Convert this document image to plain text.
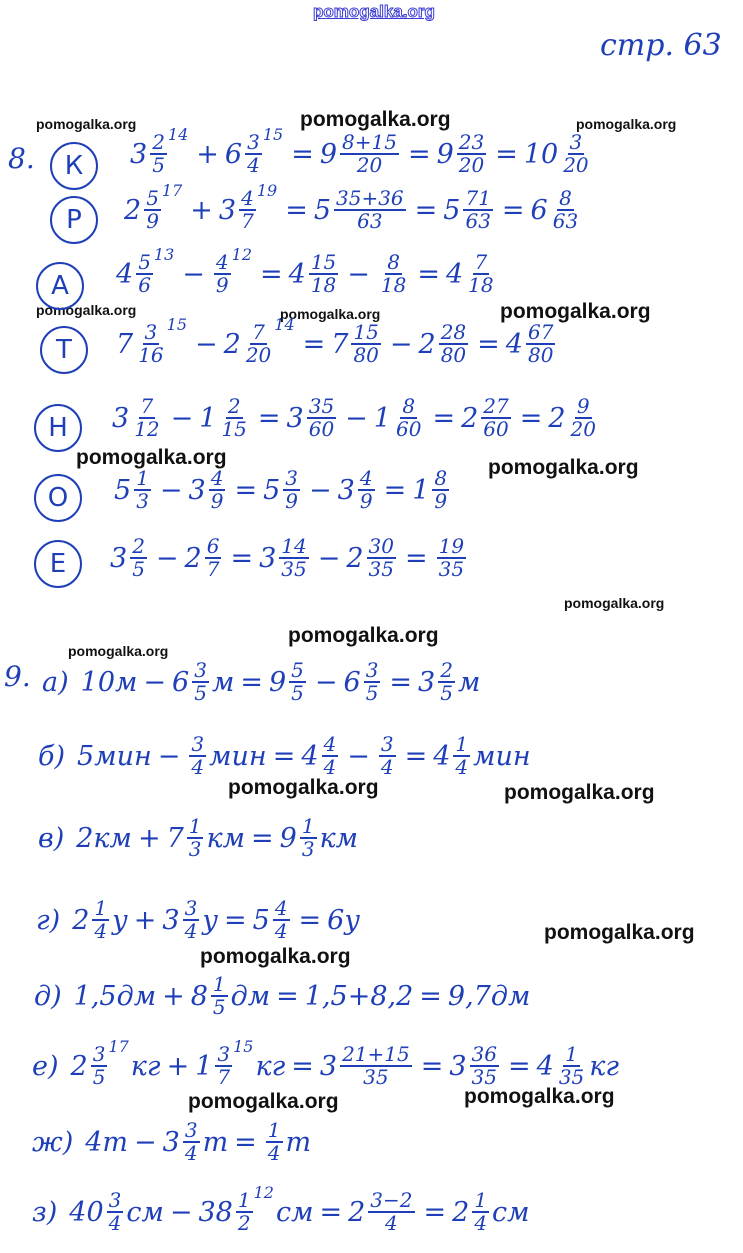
pomogalka.org
pomogalka.org	pomogalka.org	pomogalka.org
pomogalka.org	pomogalka.org	pomogalka.org
pomogalka.org	pomogalka.org
pomogalka.org
pomogalka.org
pomogalka.org
pomogalka.org	pomogalka.org
pomogalka.org
pomogalka.org
pomogalka.org
pomogalka.org
стр. 63
8.	К	$3 \frac{2}{5} 14$
+ $6 \frac{3}{4} 15$
= $9 \frac{8+15}{20} = 9 \frac{23}{20} = 10 \frac{3}{20}$
Р	$2 \frac{5}{9} 17$
+ $3 \frac{4}{7} 19$
= $5 \frac{35+36}{63} = 5 \frac{71}{63} = 6 \frac{8}{63}$
А	$4 \frac{5}{6} 13$
− $\frac{4}{9} 12$
= $4 \frac{15}{18} - \frac{8}{18} = 4 \frac{7}{18}$
Т	$7 \frac{3}{16} 15$
− $2 \frac{7}{20} 14$
= $7 \frac{15}{80} - 2 \frac{28}{80} = 4 \frac{67}{80}$
Н	$3 \frac{7}{12} - 1 \frac{2}{15} = 3 \frac{35}{60} - 1 \frac{8}{60} = 2 \frac{27}{60} = 2 \frac{9}{20}$
О	$5 \frac{1}{3} - 3 \frac{4}{9} = 5 \frac{3}{9} - 3 \frac{4}{9} = 1 \frac{8}{9}$
Е	$3 \frac{2}{5} - 2 \frac{6}{7} = 3 \frac{14}{35} - 2 \frac{30}{35} = \frac{19}{35}$
9. а) $10м - 6 \frac{3}{5}$ $м = 9 \frac{5}{5} - 6 \frac{3}{5} = 3 \frac{2}{5}$ м
б) $5мин - \frac{3}{4}$ мин = $4 \frac{4}{4} - \frac{3}{4} = 4 \frac{1}{4}$ мин
в) $2км + 7 \frac{1}{3}$ км = $9 \frac{1}{3}$ км
г) $2 \frac{1}{4}$ $у + 3 \frac{3}{4}$ $у = 5 \frac{4}{4} = 6у$
д) $1,5дм + 8 \frac{1}{5}$ дм = 1,5+8,2 = 9,7дм
е) $2 \frac{3}{5} 17$
кг + $1 \frac{3}{7} 15$
кг = $3 \frac{21+15}{35} = 3 \frac{36}{35} = 4 \frac{1}{35}$ кг
ж) $4т - 3 \frac{3}{4}$ $т = \frac{1}{4}$ т
з) $40 \frac{3}{4}$ см − $38 \frac{1}{2} 12$
см = $2 \frac{3-2}{4} = 2 \frac{1}{4}$ см
